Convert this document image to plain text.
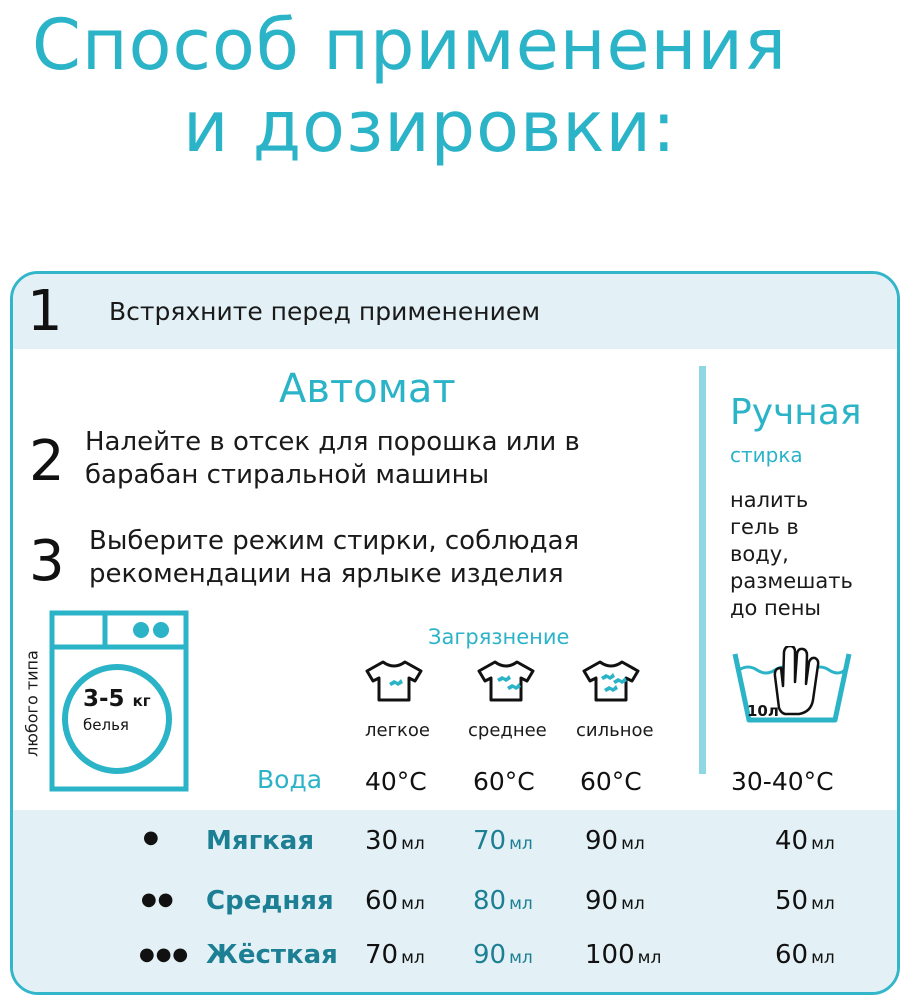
Способ применения
и дозировки:
1 Встряхните перед применением
Автомат
2 Налейте в отсек для порошка или в
барабан стиральной машины
3 Выберите режим стирки, соблюдая
рекомендации на ярлыке изделия
любого типа 3-5 кг
белья
Загрязнение
легкое среднее сильное
Вода 40°C 60°C 60°C
Ручная
стирка
налить
гель в
воду,
размешать
до пены
10л
30-40°C
● Мягкая 30 мл 70 мл 90 мл	40 мл
●● Средняя 60 мл 80 мл 90 мл	50 мл
●●● Жёсткая 70 мл 90 мл 100 мл	60 мл
